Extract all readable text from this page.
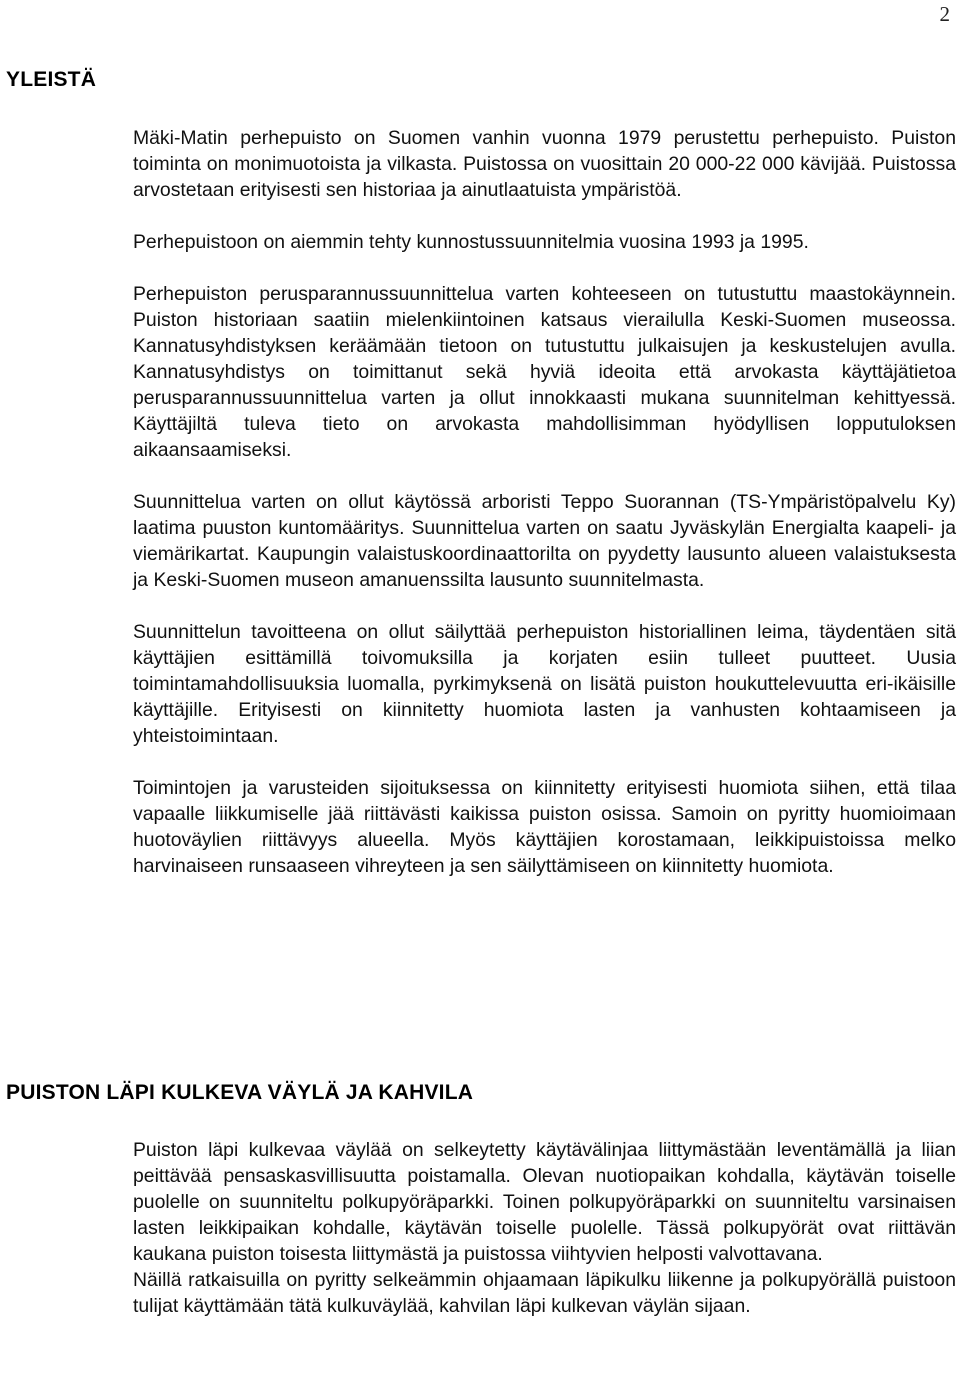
2
YLEISTÄ

Mäki-Matin perhepuisto on Suomen vanhin vuonna 1979 perustettu perhepuisto. Puiston toiminta on monimuotoista ja vilkasta. Puistossa on vuosittain 20 000-22 000 kävijää. Puistossa arvostetaan erityisesti sen historiaa ja ainutlaatuista ympäristöä.

Perhepuistoon on aiemmin tehty kunnostussuunnitelmia vuosina 1993 ja 1995.

Perhepuiston perusparannussuunnittelua varten kohteeseen on tutustuttu maastokäynnein. Puiston historiaan saatiin mielenkiintoinen katsaus vierailulla Keski-Suomen museossa. Kannatusyhdistyksen keräämään tietoon on tutustuttu julkaisujen ja keskustelujen avulla. Kannatusyhdistys on toimittanut sekä hyviä ideoita että arvokasta käyttäjätietoa perusparannussuunnittelua varten ja ollut innokkaasti mukana suunnitelman kehittyessä. Käyttäjiltä tuleva tieto on arvokasta mahdollisimman hyödyllisen lopputuloksen aikaansaamiseksi.

Suunnittelua varten on ollut käytössä arboristi Teppo Suorannan (TS-Ympäristöpalvelu Ky) laatima puuston kuntomääritys. Suunnittelua varten on saatu Jyväskylän Energialta kaapeli- ja viemärikartat. Kaupungin valaistuskoordinaattorilta on pyydetty lausunto alueen valaistuksesta ja Keski-Suomen museon amanuenssilta lausunto suunnitelmasta.

Suunnittelun tavoitteena on ollut säilyttää perhepuiston historiallinen leima, täydentäen sitä käyttäjien esittämillä toivomuksilla ja korjaten esiin tulleet puutteet. Uusia toimintamahdollisuuksia luomalla, pyrkimyksenä on lisätä puiston houkuttelevuutta eri-ikäisille käyttäjille. Erityisesti on kiinnitetty huomiota lasten ja vanhusten kohtaamiseen ja yhteistoimintaan.

Toimintojen ja varusteiden sijoituksessa on kiinnitetty erityisesti huomiota siihen, että tilaa vapaalle liikkumiselle jää riittävästi kaikissa puiston osissa. Samoin on pyritty huomioimaan huotoväylien riittävyys alueella. Myös käyttäjien korostamaan, leikkipuistoissa melko harvinaiseen runsaaseen vihreyteen ja sen säilyttämiseen on kiinnitetty huomiota.

PUISTON LÄPI KULKEVA VÄYLÄ JA KAHVILA

Puiston läpi kulkevaa väylää on selkeytetty käytävälinjaa liittymästään leventämällä ja liian peittävää pensaskasvillisuutta poistamalla. Olevan nuotiopaikan kohdalla, käytävän toiselle puolelle on suunniteltu polkupyöräparkki. Toinen polkupyöräparkki on suunniteltu varsinaisen lasten leikkipaikan kohdalle, käytävän toiselle puolelle. Tässä polkupyörät ovat riittävän kaukana puiston toisesta liittymästä ja puistossa viihtyvien helposti valvottavana.

Näillä ratkaisuilla on pyritty selkeämmin ohjaamaan läpikulku liikenne ja polkupyörällä puistoon tulijat käyttämään tätä kulkuväylää, kahvilan läpi kulkevan väylän sijaan.
